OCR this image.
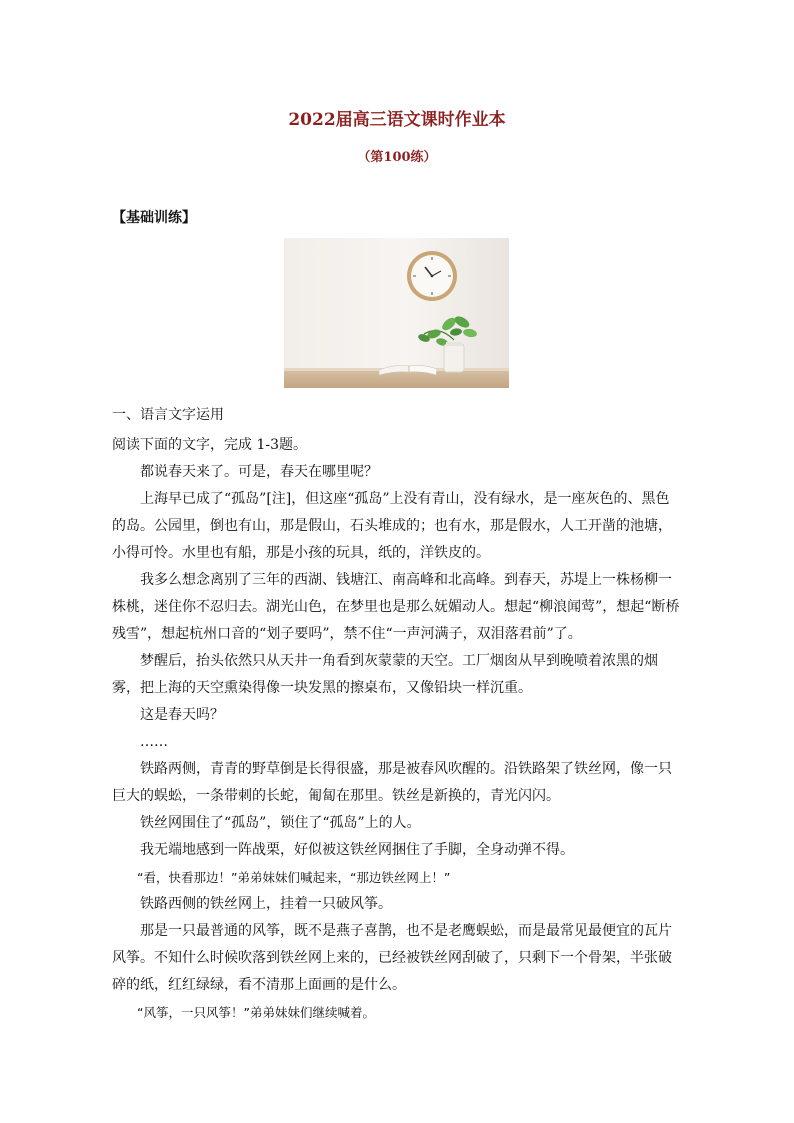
2022届高三语文课时作业本
（第100练）
【基础训练】
一、语言文字运用

阅读下面的文字，完成 1-3题。

都说春天来了。可是，春天在哪里呢？

上海早已成了“孤岛”[注]，但这座“孤岛”上没有青山，没有绿水，是一座灰色的、黑色的岛。公园里，倒也有山，那是假山，石头堆成的；也有水，那是假水，人工开凿的池塘，小得可怜。水里也有船，那是小孩的玩具，纸的，洋铁皮的。

我多么想念离别了三年的西湖、钱塘江、南高峰和北高峰。到春天，苏堤上一株杨柳一株桃，迷住你不忍归去。湖光山色，在梦里也是那么妩媚动人。想起“柳浪闻莺”，想起“断桥残雪”，想起杭州口音的“划子要吗”，禁不住“一声河满子，双泪落君前”了。

梦醒后，抬头依然只从天井一角看到灰蒙蒙的天空。工厂烟囱从早到晚喷着浓黑的烟雾，把上海的天空熏染得像一块发黑的擦桌布，又像铅块一样沉重。

这是春天吗？

……

铁路两侧，青青的野草倒是长得很盛，那是被春风吹醒的。沿铁路架了铁丝网，像一只巨大的蜈蚣，一条带刺的长蛇，匍匐在那里。铁丝是新换的，青光闪闪。

铁丝网围住了“孤岛”，锁住了“孤岛”上的人。

我无端地感到一阵战栗，好似被这铁丝网捆住了手脚，全身动弹不得。

“看，快看那边！”弟弟妹妹们喊起来，“那边铁丝网上！”

铁路西侧的铁丝网上，挂着一只破风筝。

那是一只最普通的风筝，既不是燕子喜鹊，也不是老鹰蜈蚣，而是最常见最便宜的瓦片风筝。不知什么时候吹落到铁丝网上来的，已经被铁丝网刮破了，只剩下一个骨架，半张破碎的纸，红红绿绿，看不清那上面画的是什么。

“风筝，一只风筝！”弟弟妹妹们继续喊着。
